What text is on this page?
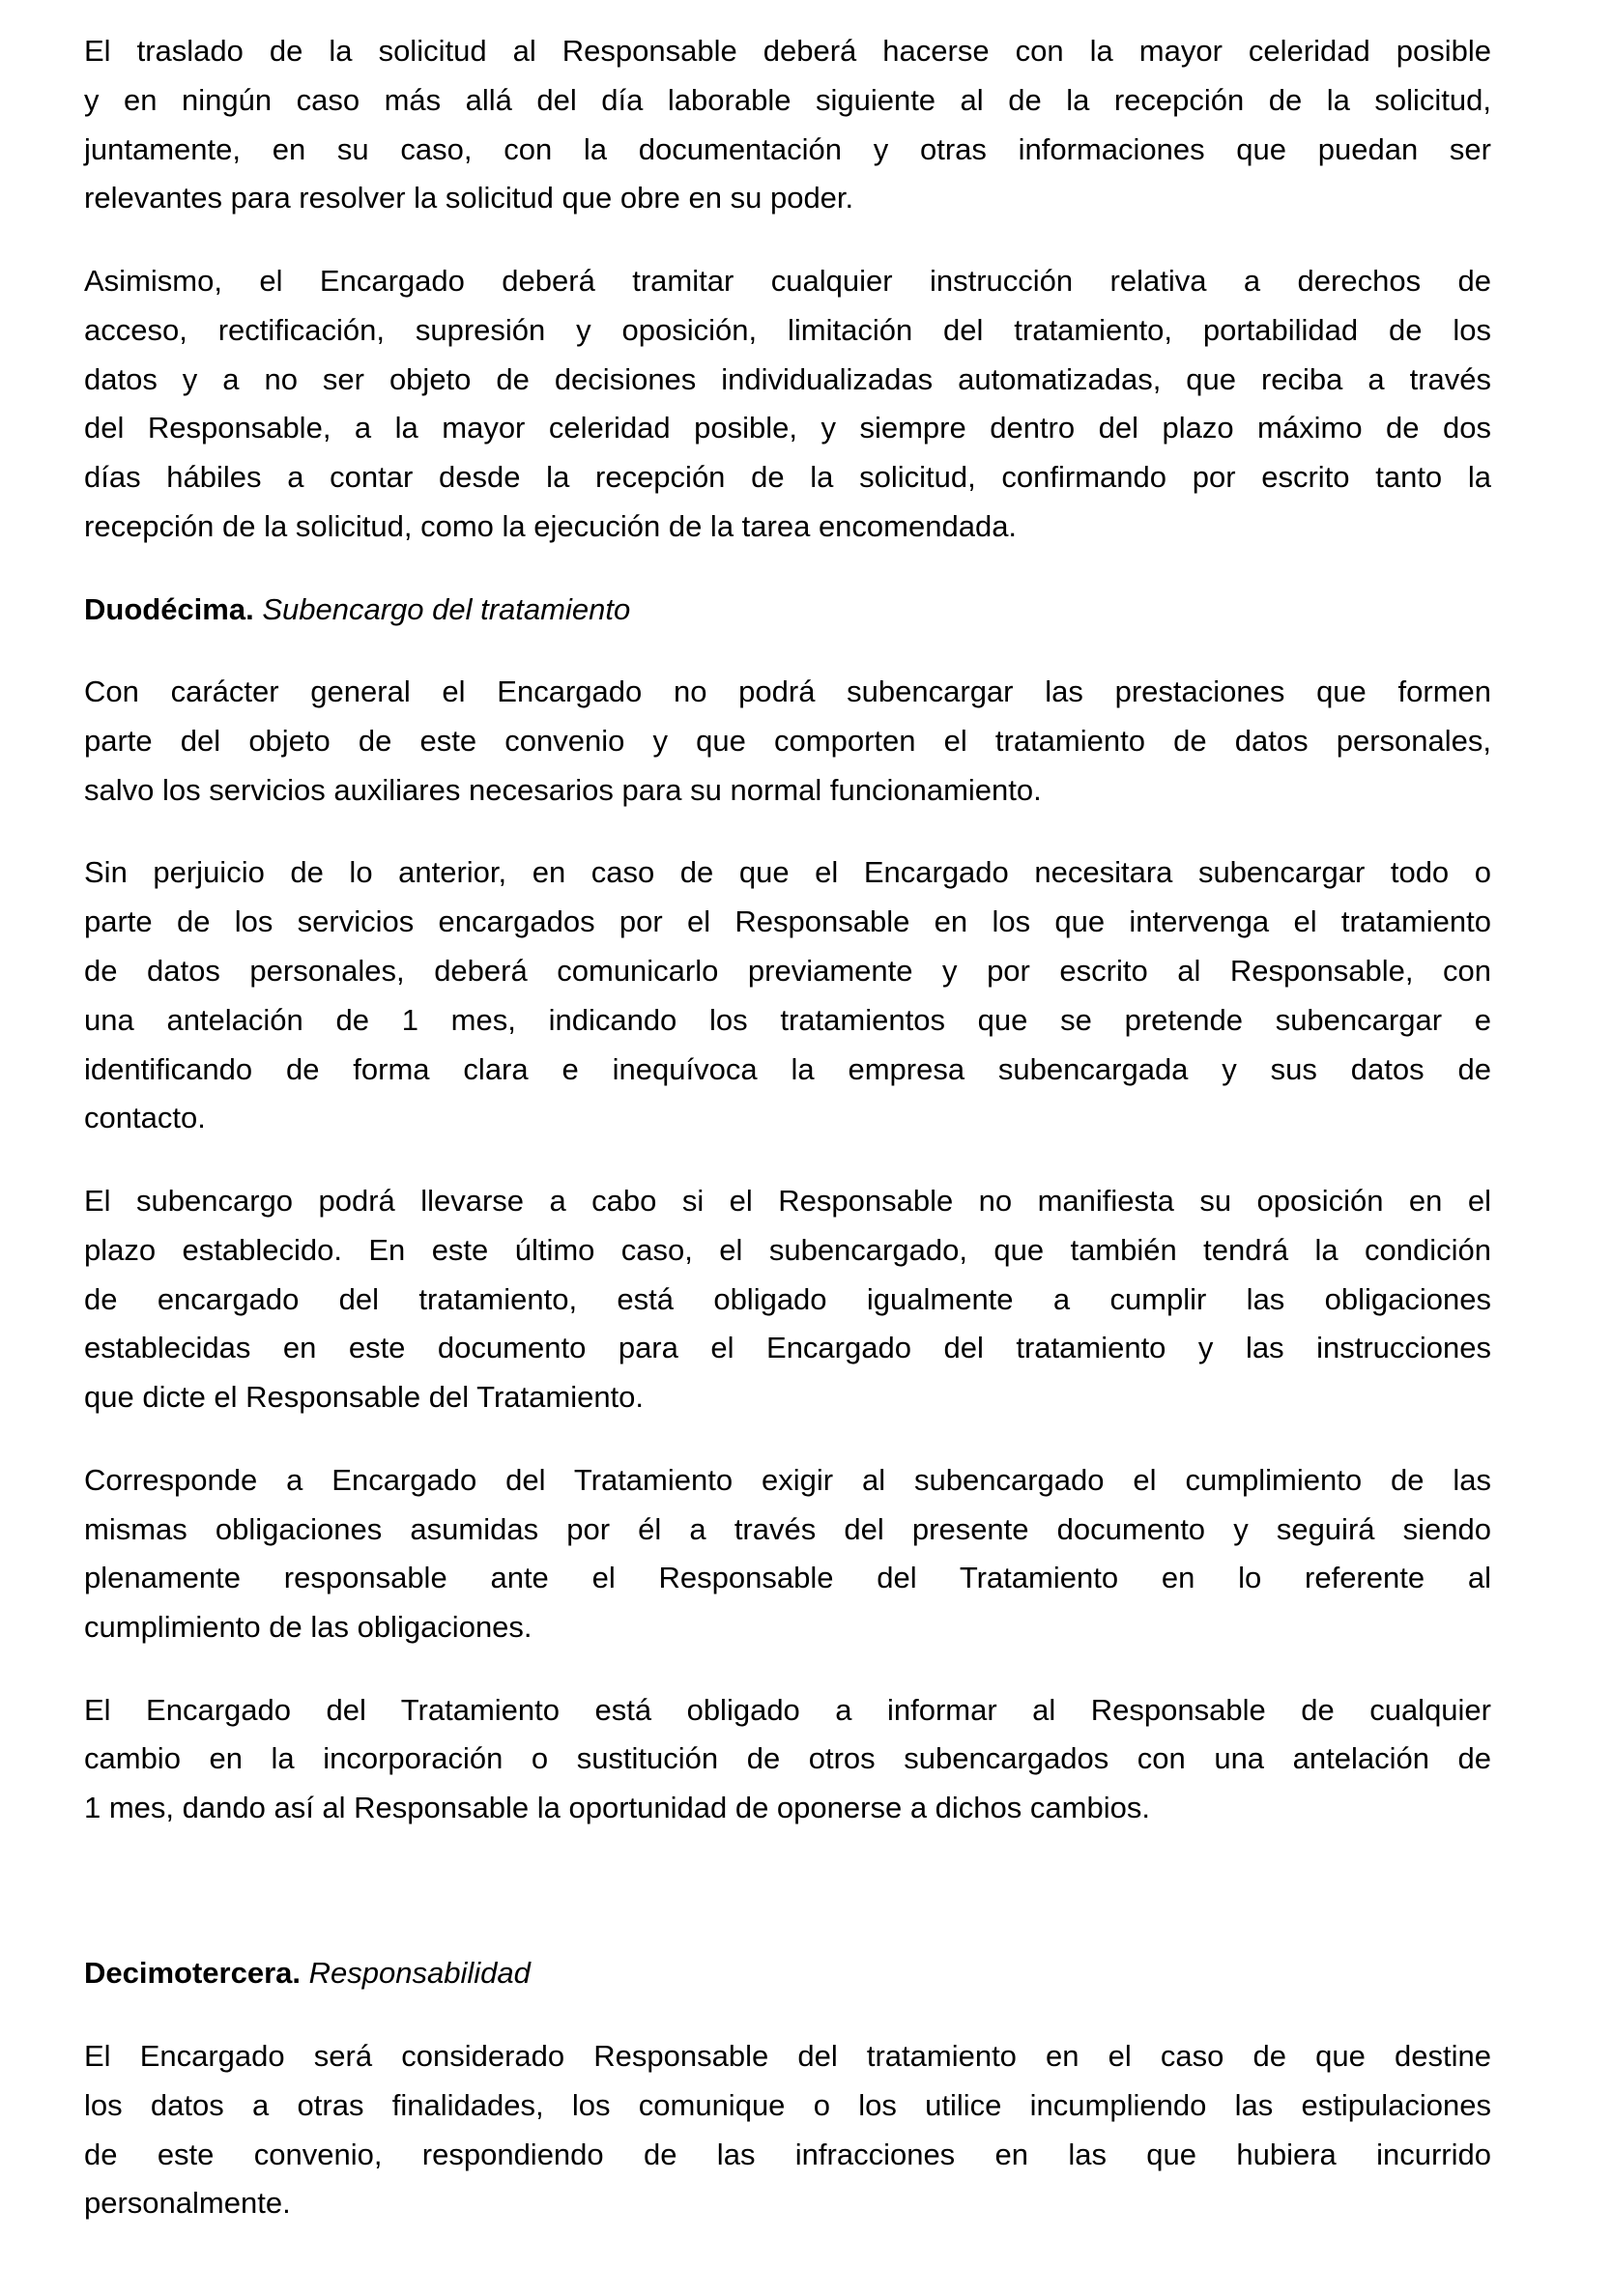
El traslado de la solicitud al Responsable deberá hacerse con la mayor celeridad posible
y en ningún caso más allá del día laborable siguiente al de la recepción de la solicitud,
juntamente, en su caso, con la documentación y otras informaciones que puedan ser
relevantes para resolver la solicitud que obre en su poder.
Asimismo, el Encargado deberá tramitar cualquier instrucción relativa a derechos de
acceso, rectificación, supresión y oposición, limitación del tratamiento, portabilidad de los
datos y a no ser objeto de decisiones individualizadas automatizadas, que reciba a través
del Responsable, a la mayor celeridad posible, y siempre dentro del plazo máximo de dos
días hábiles a contar desde la recepción de la solicitud, confirmando por escrito tanto la
recepción de la solicitud, como la ejecución de la tarea encomendada.
Duodécima. Subencargo del tratamiento
Con carácter general el Encargado no podrá subencargar las prestaciones que formen
parte del objeto de este convenio y que comporten el tratamiento de datos personales,
salvo los servicios auxiliares necesarios para su normal funcionamiento.
Sin perjuicio de lo anterior, en caso de que el Encargado necesitara subencargar todo o
parte de los servicios encargados por el Responsable en los que intervenga el tratamiento
de datos personales, deberá comunicarlo previamente y por escrito al Responsable, con
una antelación de 1 mes, indicando los tratamientos que se pretende subencargar e
identificando de forma clara e inequívoca la empresa subencargada y sus datos de
contacto.
El subencargo podrá llevarse a cabo si el Responsable no manifiesta su oposición en el
plazo establecido. En este último caso, el subencargado, que también tendrá la condición
de encargado del tratamiento, está obligado igualmente a cumplir las obligaciones
establecidas en este documento para el Encargado del tratamiento y las instrucciones
que dicte el Responsable del Tratamiento.
Corresponde a Encargado del Tratamiento exigir al subencargado el cumplimiento de las
mismas obligaciones asumidas por él a través del presente documento y seguirá siendo
plenamente responsable ante el Responsable del Tratamiento en lo referente al
cumplimiento de las obligaciones.
El Encargado del Tratamiento está obligado a informar al Responsable de cualquier
cambio en la incorporación o sustitución de otros subencargados con una antelación de
1 mes, dando así al Responsable la oportunidad de oponerse a dichos cambios.
Decimotercera. Responsabilidad
El Encargado será considerado Responsable del tratamiento en el caso de que destine
los datos a otras finalidades, los comunique o los utilice incumpliendo las estipulaciones
de este convenio, respondiendo de las infracciones en las que hubiera incurrido
personalmente.
